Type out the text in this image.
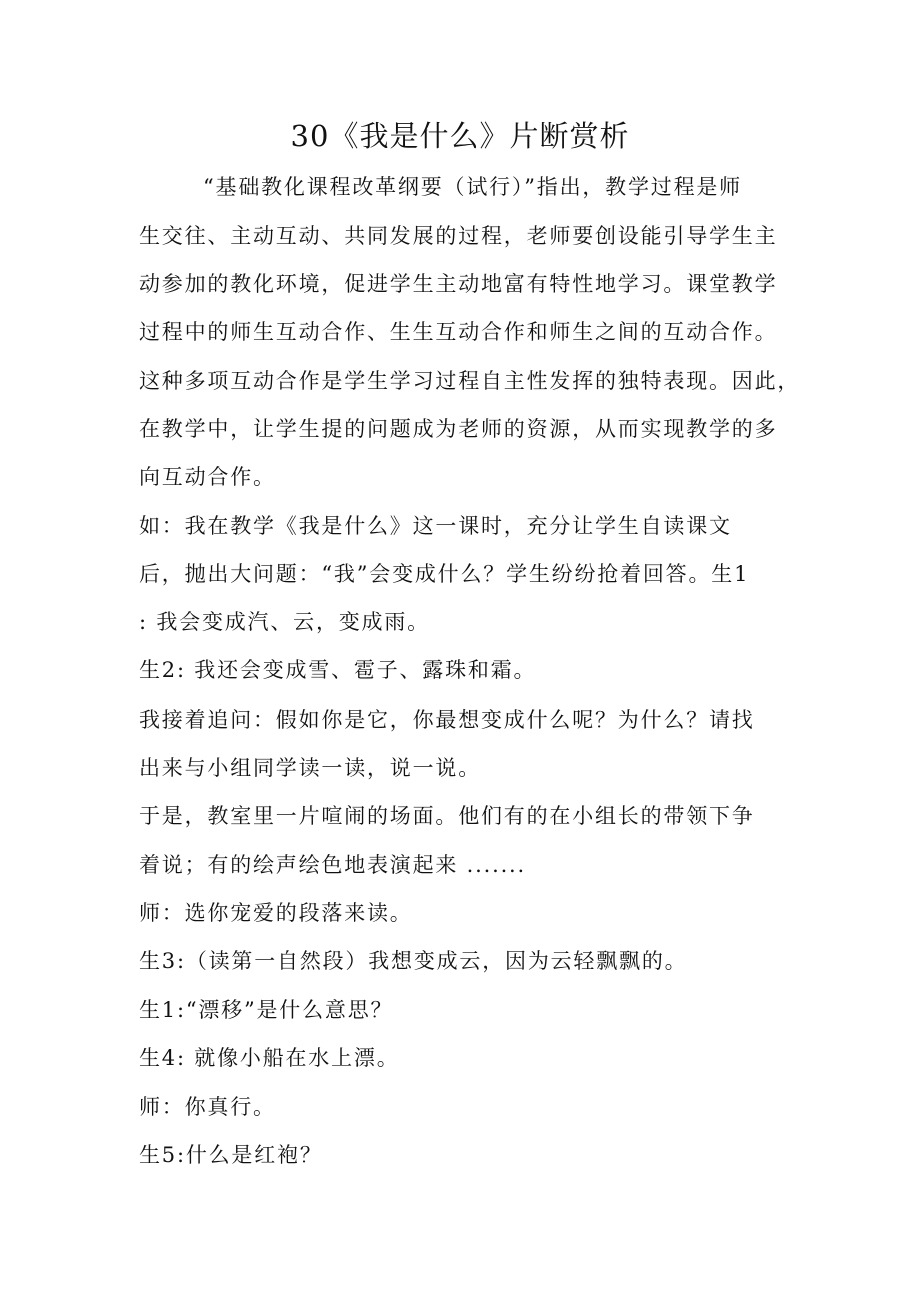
30《我是什么》片断赏析
“基础教化课程改革纲要（试行）”指出，教学过程是师
生交往、主动互动、共同发展的过程，老师要创设能引导学生主
动参加的教化环境，促进学生主动地富有特性地学习。课堂教学
过程中的师生互动合作、生生互动合作和师生之间的互动合作。
这种多项互动合作是学生学习过程自主性发挥的独特表现。因此，
在教学中，让学生提的问题成为老师的资源，从而实现教学的多
向互动合作。
如：我在教学《我是什么》这一课时，充分让学生自读课文
后，抛出大问题：“我”会变成什么？学生纷纷抢着回答。生1
: 我会变成汽、云，变成雨。
生2: 我还会变成雪、雹子、露珠和霜。
我接着追问：假如你是它，你最想变成什么呢？为什么？请找
出来与小组同学读一读，说一说。
于是，教室里一片喧闹的场面。他们有的在小组长的带领下争
着说；有的绘声绘色地表演起来 .......
师：选你宠爱的段落来读。
生3:（读第一自然段）我想变成云，因为云轻飘飘的。
生1:“漂移”是什么意思？
生4: 就像小船在水上漂。
师：你真行。
生5:什么是红袍？
